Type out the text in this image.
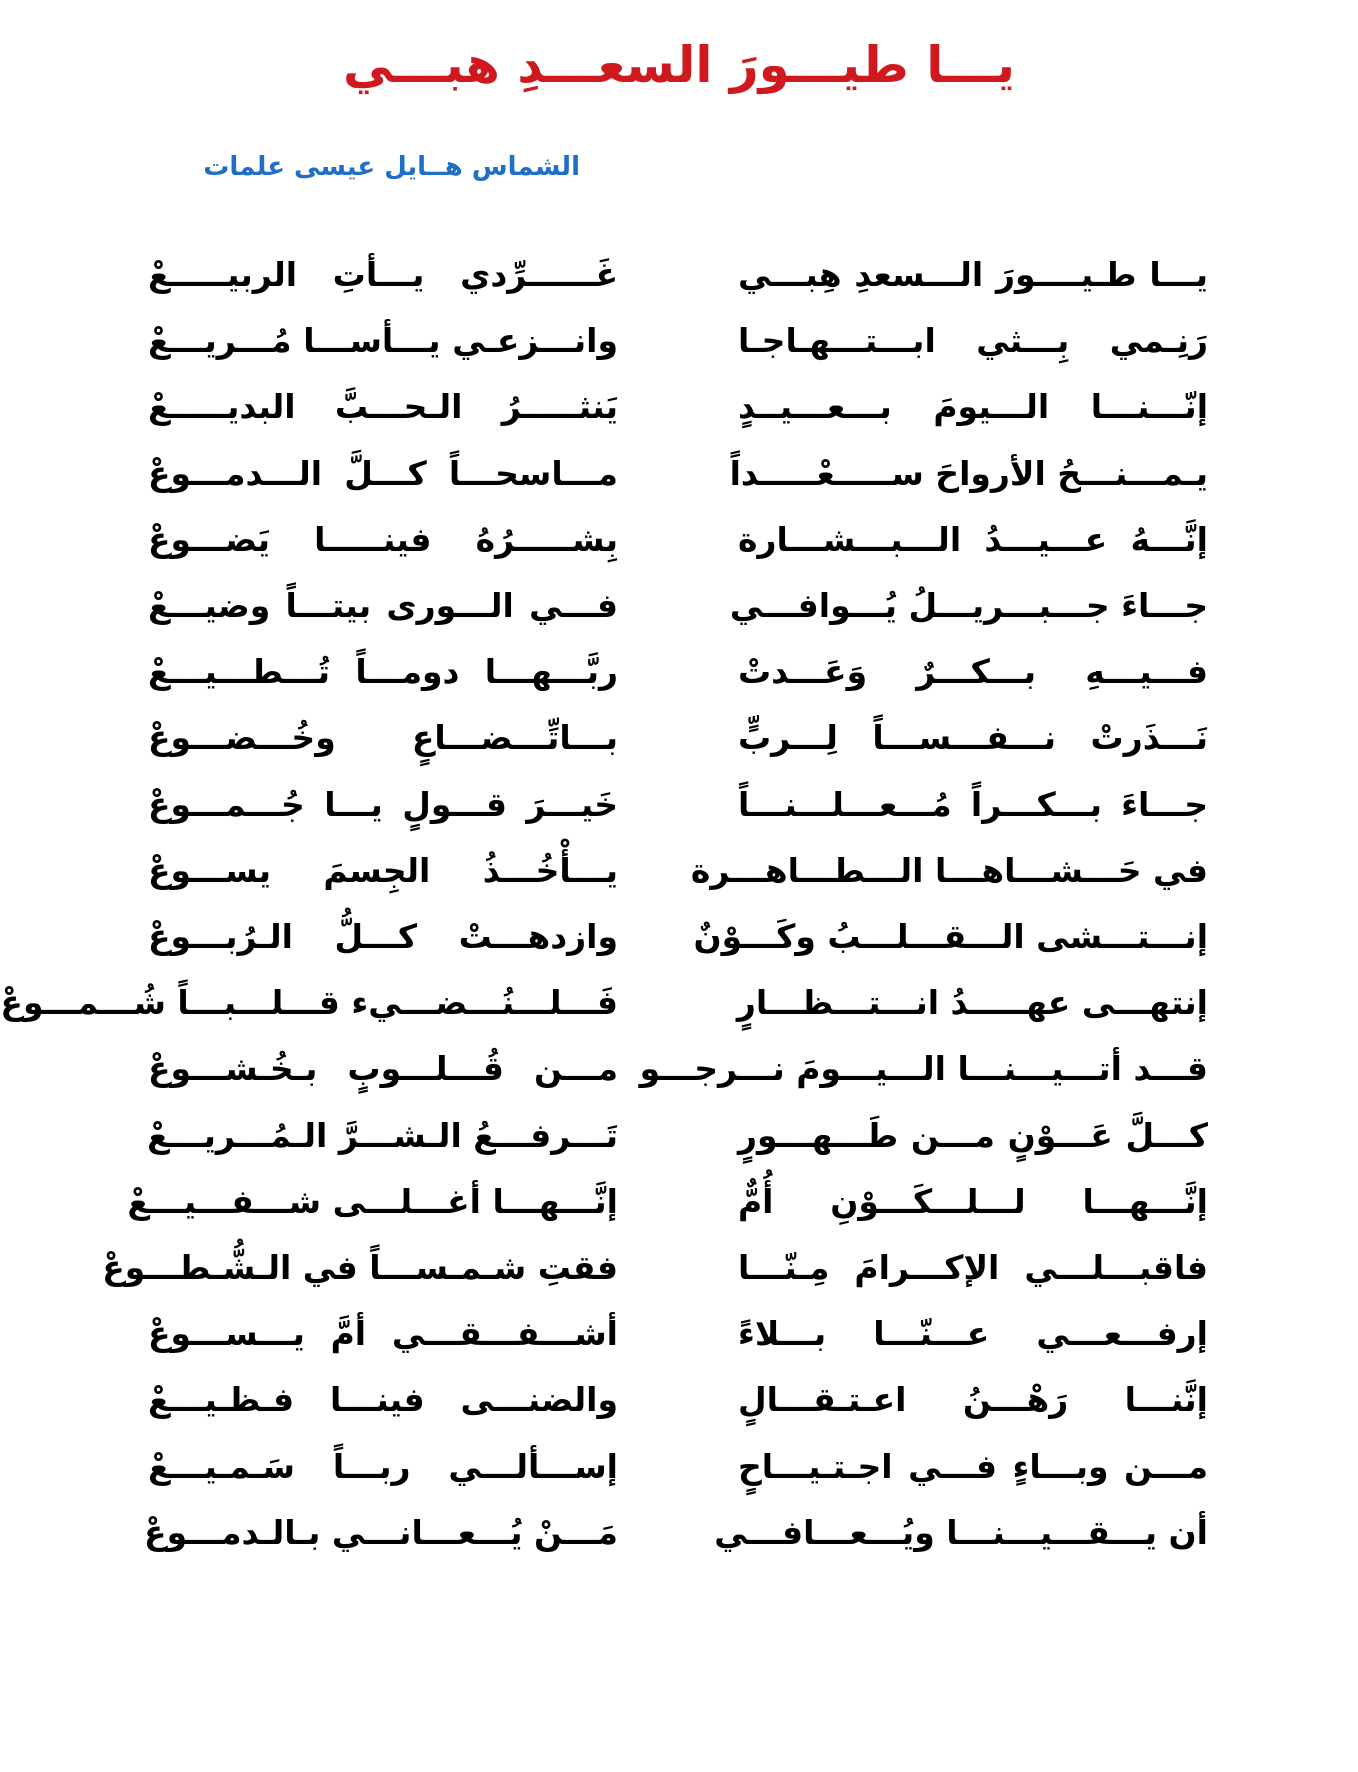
يـــا طيـــورَ السعـــدِ هبـــي
الشماس هــايل عيسى علمات
يـــا طـيــــورَ الـــسعدِ هِبـــي
غَــــــرِّدي يـــأتِ الربيـــــعْ
رَنِـمي بِـــثي ابـــتـــهـاجـا
وانـــزعـي يـــأســـا مُـــريـــعْ
إنّـــنـــا الـــيومَ بـــعـــيــدٍ
يَنثـــــرُ الـحـــبَّ البديـــــعْ
يـمـــنـــحُ الأرواحَ ســـــعْـــــداً
مـــاسحـــاً كـــلَّ الـــدمـــوعْ
إنَّـــهُ عـــيـــدُ الـــبـــشـــارة
بِشـــــرُهُ فينـــــا يَضـــوعْ
جـــاءَ جـــبـــريـــلُ يُـــوافـــي
فـــي الـــورى بيتـــاً وضيـــعْ
فـــيـــهِ بـــكـــرٌ وَعَـــدتْ
ربَّـــهـــا دومـــاً تُـــطـــيـــعْ
نَـــذَرتْ نـــفـــســـاً لِـــربٍّ
بـــاتِّـــضـــاعٍ وخُـــضـــوعْ
جـــاءَ بـــكـــراً مُـــعـــلـــنـــاً
خَيـــرَ قـــولٍ يـــا جُـــمـــوعْ
في حَـــشـــاهـــا الـــطـــاهـــرة
يـــأْخُـــذُ الجِسمَ يســـوعْ
إنـــتـــشى الـــقـــلـــبُ وكَـــوْنٌ
وازدهـــتْ كـــلُّ الـرُبـــوعْ
إنتهـــى عهـــــدُ انـــتـــظـــارٍ
فَـــلـــنُـــضـــيء قـــلـــبـــاً شُـــمـــوعْ
قـــد أتـــيـــنـــا الـــيـــومَ نـــرجـــو
مـــن قُـــلـــوبٍ بـخُـشـــوعْ
كـــلَّ عَـــوْنٍ مـــن طَـــهـــورٍ
تَـــرفـــعُ الـشـــرَّ الـمُـــريـــعْ
إنَّـــهـــا لـــلـــكَـــوْنِ أُمٌّ
إنَّـــهـــا أغـــلـــى شـــفـــيـــعْ
فاقبـــلـــي الإكـــرامَ مِـنّـــا
فقتِ شـمـســـاً في الـشُّـطـــوعْ
إرفـــعـــي عـــنّـــا بـــلاءً
أشـــفـــقـــي أمَّ يـــســـوعْ
إنَّنـــا رَهْـــنُ اعـتـقـــالٍ
والضنـــى فينـــا فـظـيـــعْ
مـــن وبـــاءٍ فـــي اجـتـيـــاحٍ
إســـألـــي ربـــاً سَـمـيـــعْ
أن يـــقـــيـــنـــا ويُـــعـــافـــي
مَـــنْ يُـــعـــانـــي بـالـدمـــوعْ
